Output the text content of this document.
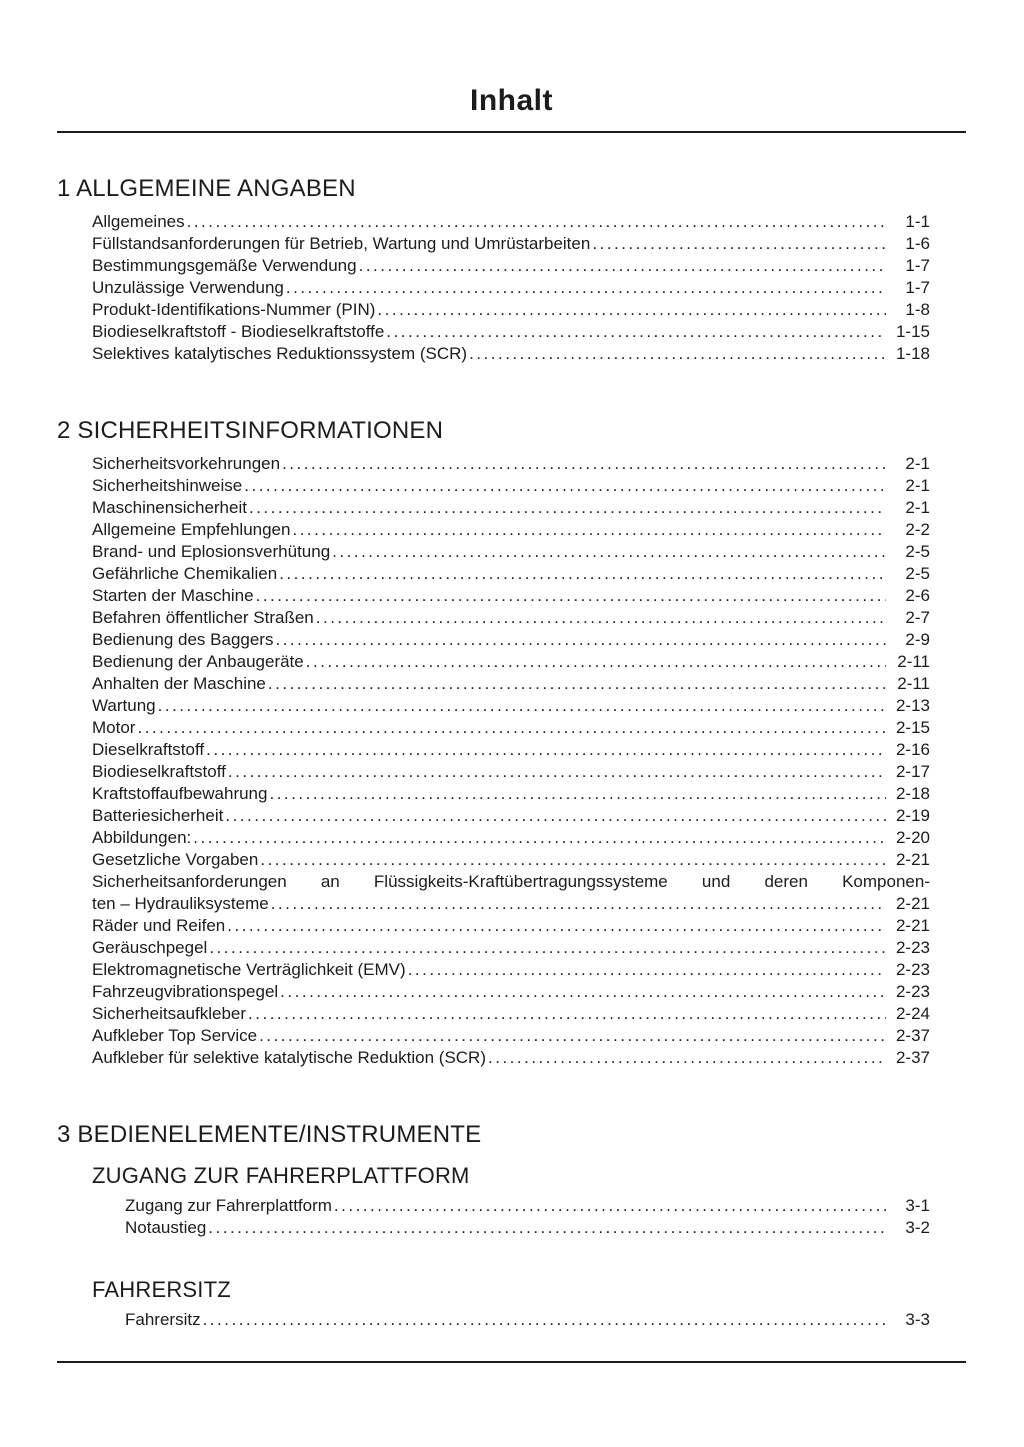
Inhalt
1 ALLGEMEINE ANGABEN
Allgemeines .....	1-1
Füllstandsanforderungen für Betrieb, Wartung und Umrüstarbeiten .....	1-6
Bestimmungsgemäße Verwendung .....	1-7
Unzulässige Verwendung .....	1-7
Produkt-Identifikations-Nummer (PIN) .....	1-8
Biodieselkraftstoff - Biodieselkraftstoffe .....	1-15
Selektives katalytisches Reduktionssystem (SCR) .....	1-18
2 SICHERHEITSINFORMATIONEN
Sicherheitsvorkehrungen .....	2-1
Sicherheitshinweise .....	2-1
Maschinensicherheit .....	2-1
Allgemeine Empfehlungen .....	2-2
Brand- und Eplosionsverhütung .....	2-5
Gefährliche Chemikalien .....	2-5
Starten der Maschine .....	2-6
Befahren öffentlicher Straßen .....	2-7
Bedienung des Baggers .....	2-9
Bedienung der Anbaugeräte .....	2-11
Anhalten der Maschine .....	2-11
Wartung .....	2-13
Motor .....	2-15
Dieselkraftstoff .....	2-16
Biodieselkraftstoff .....	2-17
Kraftstoffaufbewahrung .....	2-18
Batteriesicherheit .....	2-19
Abbildungen: .....	2-20
Gesetzliche Vorgaben .....	2-21
Sicherheitsanforderungen an Flüssigkeits-Kraftübertragungssysteme und deren Komponen-
ten – Hydrauliksysteme .....	2-21
Räder und Reifen .....	2-21
Geräuschpegel .....	2-23
Elektromagnetische Verträglichkeit (EMV) .....	2-23
Fahrzeugvibrationspegel .....	2-23
Sicherheitsaufkleber .....	2-24
Aufkleber Top Service .....	2-37
Aufkleber für selektive katalytische Reduktion (SCR) .....	2-37
3 BEDIENELEMENTE/INSTRUMENTE
ZUGANG ZUR FAHRERPLATTFORM
Zugang zur Fahrerplattform .....	3-1
Notaustieg .....	3-2
FAHRERSITZ
Fahrersitz .....	3-3
